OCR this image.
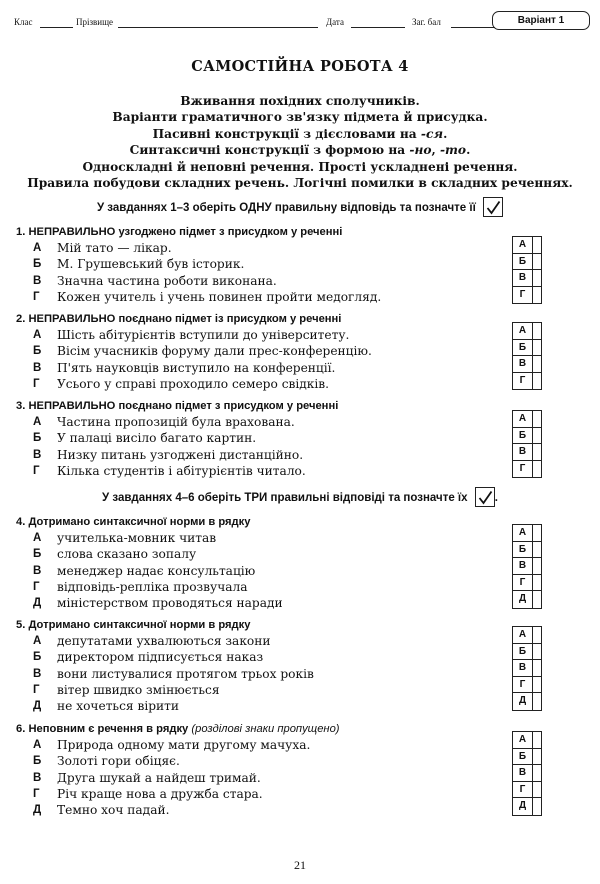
Клас	Прізвище	Дата	Заг. бал	Варіант 1
САМОСТІЙНА РОБОТА 4
Вживання похідних сполучників.
Варіанти граматичного зв'язку підмета й присудка.
Пасивні конструкції з дієсловами на -ся.
Синтаксичні конструкції з формою на -но, -то.
Односкладні й неповні речення. Прості ускладнені речення.
Правила побудови складних речень. Логічні помилки в складних реченнях.
У завданнях 1–3 оберіть ОДНУ правильну відповідь та позначте її
1. НЕПРАВИЛЬНО узгоджено підмет з присудком у реченні
А Мій тато — лікар.
Б М. Грушевський був історик.
В Значна частина роботи виконана.
Г Кожен учитель і учень повинен пройти медогляд.
А
Б
В
Г
2. НЕПРАВИЛЬНО поєднано підмет із присудком у реченні
А Шість абітурієнтів вступили до університету.
Б Вісім учасників форуму дали прес-конференцію.
В П'ять науковців виступило на конференції.
Г Усього у справі проходило семеро свідків.
А
Б
В
Г
3. НЕПРАВИЛЬНО поєднано підмет з присудком у реченні
А Частина пропозицій була врахована.
Б У палаці висіло багато картин.
В Низку питань узгоджені дистанційно.
Г Кілька студентів і абітурієнтів читало.
А
Б
В
Г
У завданнях 4–6 оберіть ТРИ правильні відповіді та позначте їх .
4. Дотримано синтаксичної норми в рядку
А учителька-мовник читав
Б слова сказано зопалу
В менеджер надає консультацію
Г відповідь-репліка прозвучала
Д міністерством проводяться наради
А
Б
В
Г
Д
5. Дотримано синтаксичної норми в рядку
А депутатами ухвалюються закони
Б директором підписується наказ
В вони листувалися протягом трьох років
Г вітер швидко змінюється
Д не хочеться вірити
А
Б
В
Г
Д
6. Неповним є речення в рядку (розділові знаки пропущено)
А Природа одному мати другому мачуха.
Б Золоті гори обіцяє.
В Друга шукай а найдеш тримай.
Г Річ краще нова а дружба стара.
Д Темно хоч падай.
А
Б
В
Г
Д
21
